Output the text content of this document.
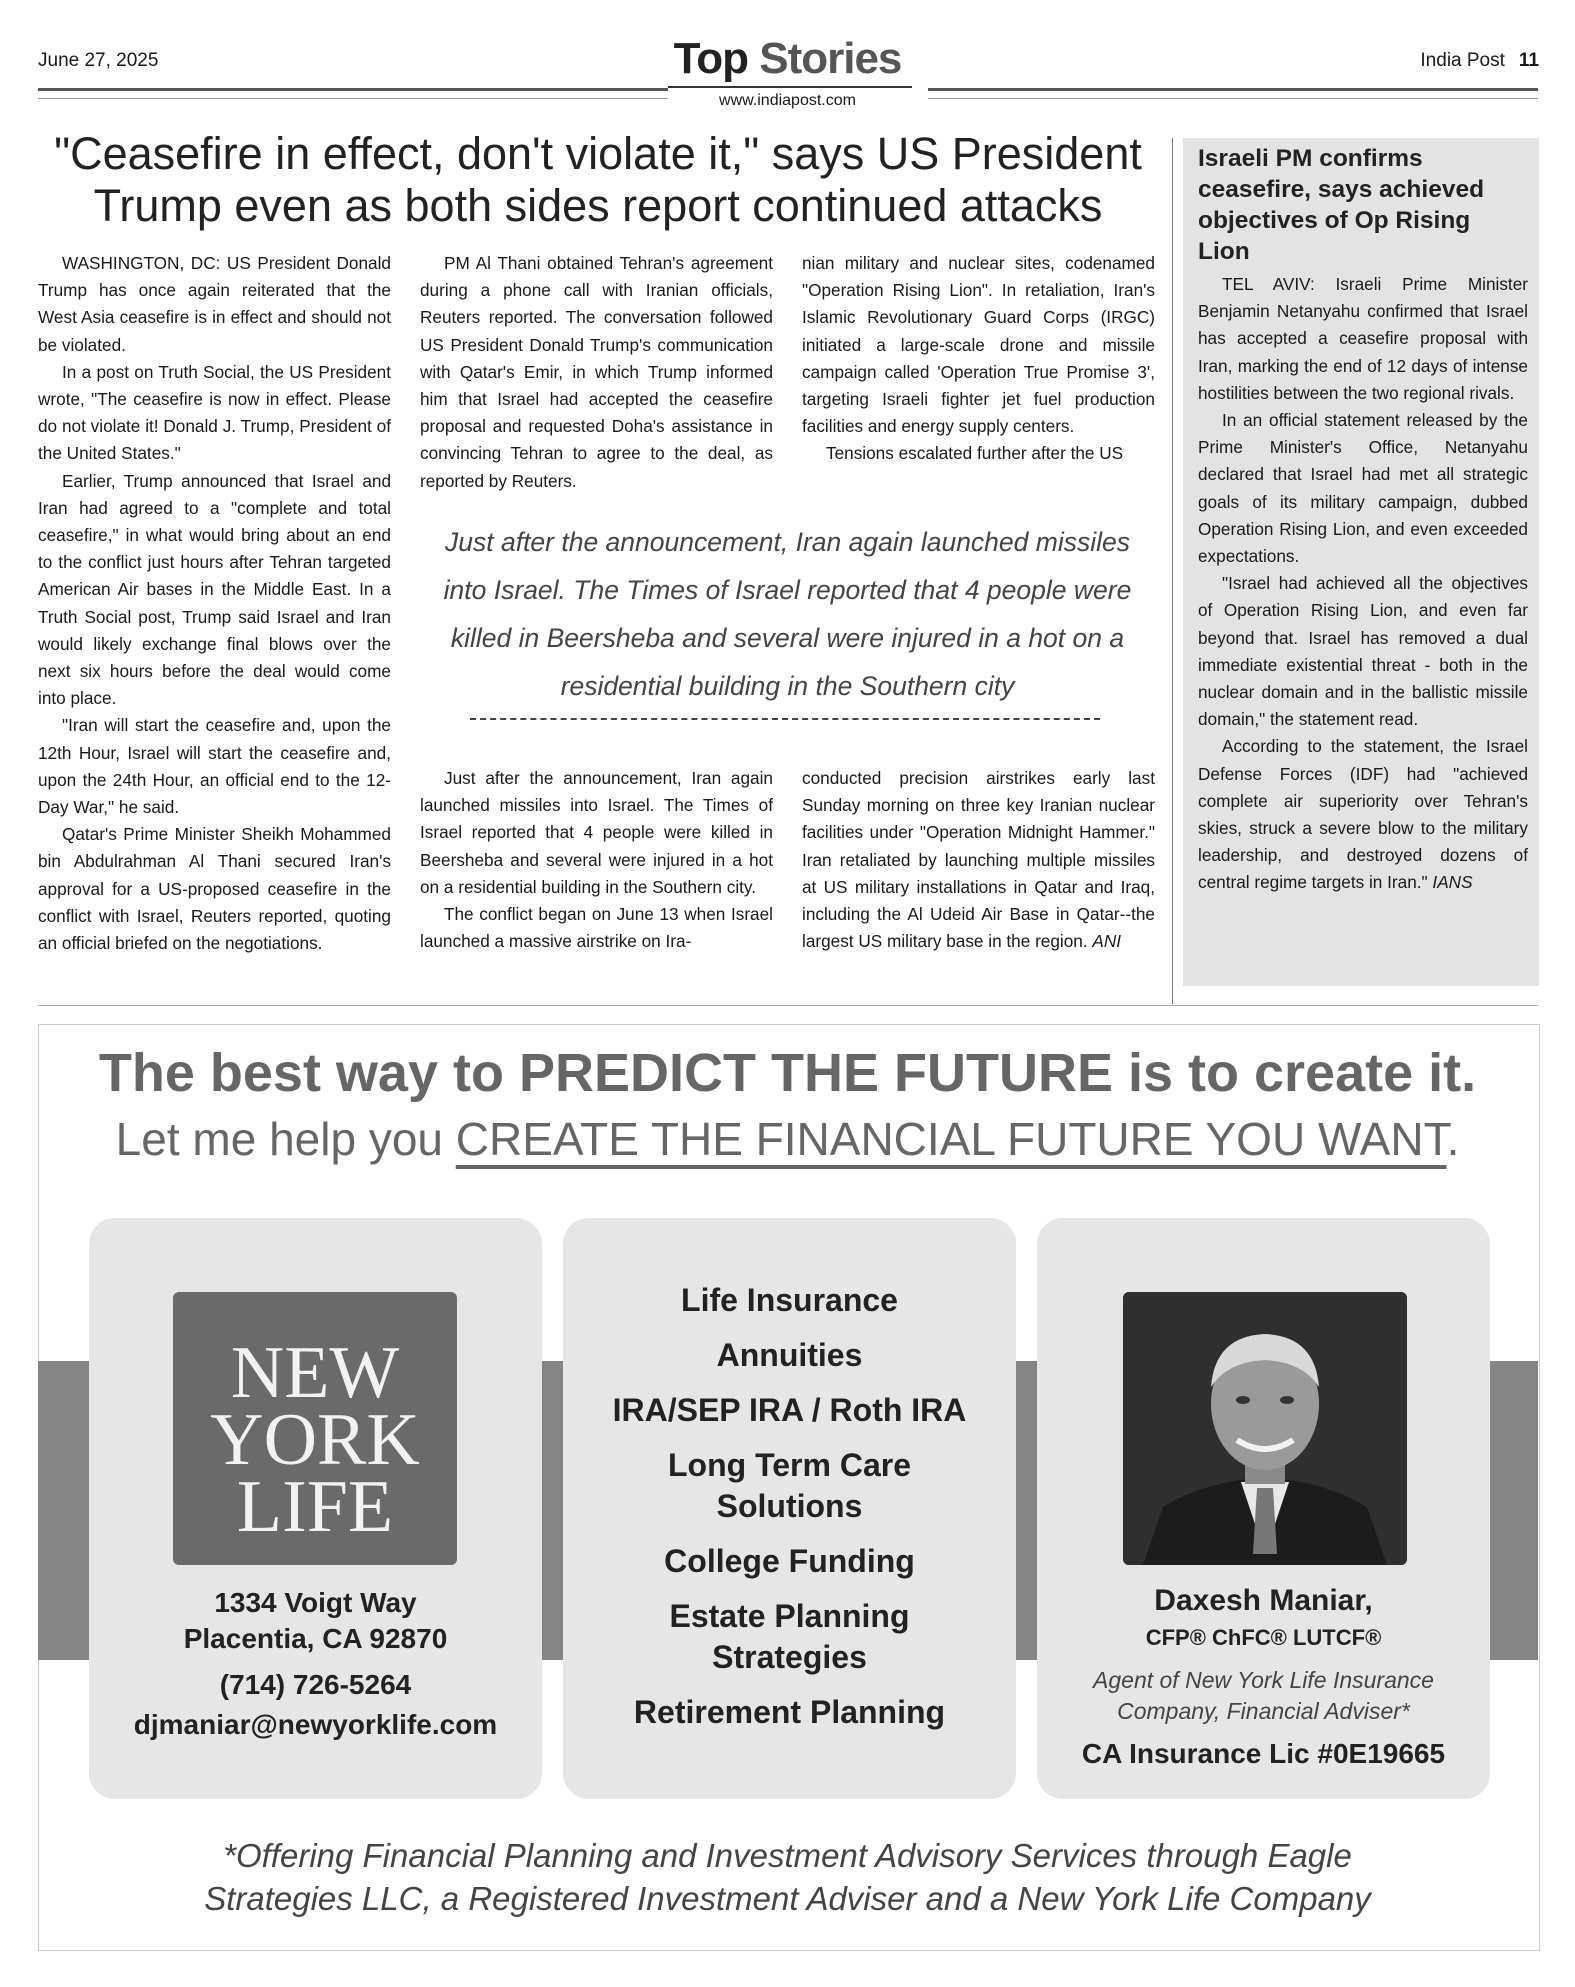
June 27, 2025	Top Stories
www.indiapost.com
India Post 11
"Ceasefire in effect, don't violate it," says US President
Trump even as both sides report continued attacks

WASHINGTON, DC: US President Donald Trump has once again reiterated that the West Asia ceasefire is in effect and should not be violated.

In a post on Truth Social, the US President wrote, "The ceasefire is now in effect. Please do not violate it! Donald J. Trump, President of the United States."

Earlier, Trump announced that Israel and Iran had agreed to a "complete and total ceasefire," in what would bring about an end to the conflict just hours after Tehran targeted American Air bases in the Middle East. In a Truth Social post, Trump said Israel and Iran would likely exchange final blows over the next six hours before the deal would come into place.

"Iran will start the ceasefire and, upon the 12th Hour, Israel will start the ceasefire and, upon the 24th Hour, an official end to the 12-Day War," he said.

Qatar's Prime Minister Sheikh Mohammed bin Abdulrahman Al Thani secured Iran's approval for a US-proposed ceasefire in the conflict with Israel, Reuters reported, quoting an official briefed on the negotiations.

PM Al Thani obtained Tehran's agreement during a phone call with Iranian officials, Reuters reported. The conversation followed US President Donald Trump's communication with Qatar's Emir, in which Trump informed him that Israel had accepted the ceasefire proposal and requested Doha's assistance in convincing Tehran to agree to the deal, as reported by Reuters.

nian military and nuclear sites, codenamed "Operation Rising Lion". In retaliation, Iran's Islamic Revolutionary Guard Corps (IRGC) initiated a large-scale drone and missile campaign called 'Operation True Promise 3', targeting Israeli fighter jet fuel production facilities and energy supply centers.

Tensions escalated further after the US

Just after the announcement, Iran again launched missiles into Israel. The Times of Israel reported that 4 people were killed in Beersheba and several were injured in a hot on a residential building in the Southern city

Just after the announcement, Iran again launched missiles into Israel. The Times of Israel reported that 4 people were killed in Beersheba and several were injured in a hot on a residential building in the Southern city.

The conflict began on June 13 when Israel launched a massive airstrike on Ira-

conducted precision airstrikes early last Sunday morning on three key Iranian nuclear facilities under "Operation Midnight Hammer." Iran retaliated by launching multiple missiles at US military installations in Qatar and Iraq, including the Al Udeid Air Base in Qatar--the largest US military base in the region. ANI

Israeli PM confirms ceasefire, says achieved objectives of Op Rising Lion

TEL AVIV: Israeli Prime Minister Benjamin Netanyahu confirmed that Israel has accepted a ceasefire proposal with Iran, marking the end of 12 days of intense hostilities between the two regional rivals.

In an official statement released by the Prime Minister's Office, Netanyahu declared that Israel had met all strategic goals of its military campaign, dubbed Operation Rising Lion, and even exceeded expectations.

"Israel had achieved all the objectives of Operation Rising Lion, and even far beyond that. Israel has removed a dual immediate existential threat - both in the nuclear domain and in the ballistic missile domain," the statement read.

According to the statement, the Israel Defense Forces (IDF) had "achieved complete air superiority over Tehran's skies, struck a severe blow to the military leadership, and destroyed dozens of central regime targets in Iran." IANS

The best way to PREDICT THE FUTURE is to create it.
Let me help you CREATE THE FINANCIAL FUTURE YOU WANT.
NEW
YORK
LIFE
1334 Voigt Way
Placentia, CA 92870
(714) 726-5264
djmaniar@newyorklife.com
Life Insurance
Annuities
IRA/SEP IRA / Roth IRA
Long Term Care Solutions
College Funding
Estate Planning Strategies
Retirement Planning
Daxesh Maniar,
CFP® ChFC® LUTCF®
Agent of New York Life Insurance
Company, Financial Adviser*
CA Insurance Lic #0E19665
*Offering Financial Planning and Investment Advisory Services through Eagle
Strategies LLC, a Registered Investment Adviser and a New York Life Company
